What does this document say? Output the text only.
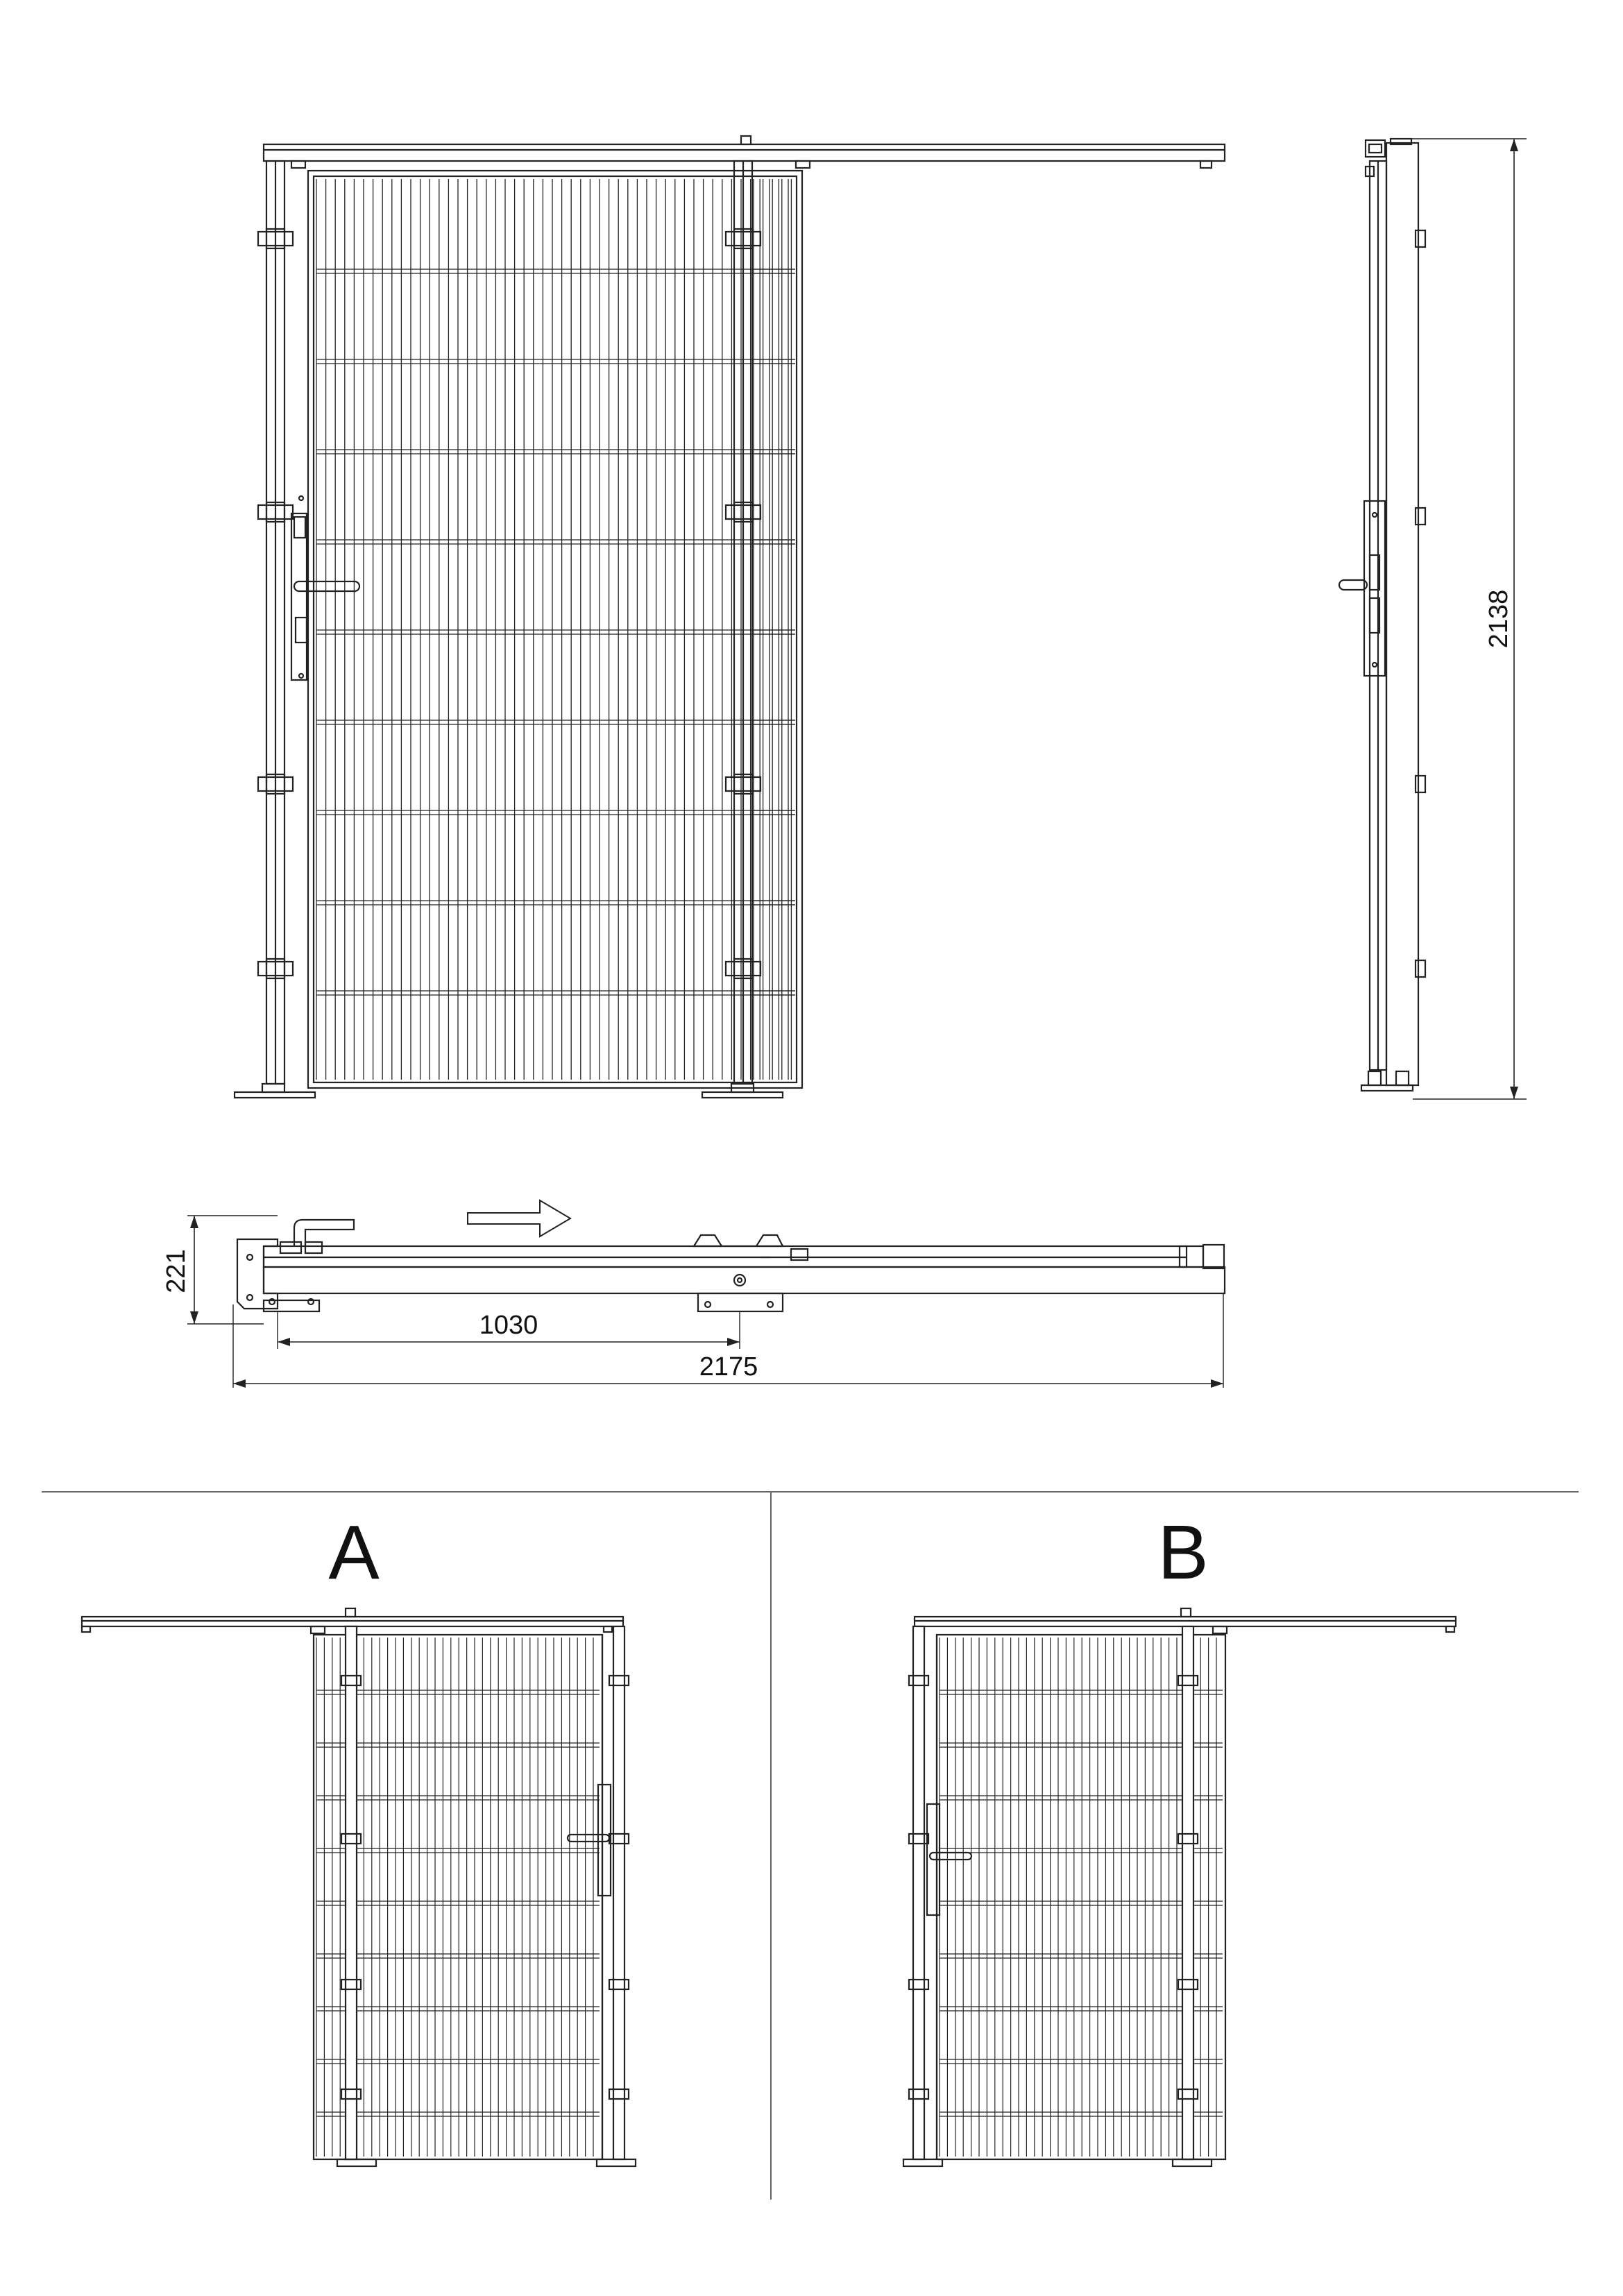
2138
221
1030
2175
A	B
